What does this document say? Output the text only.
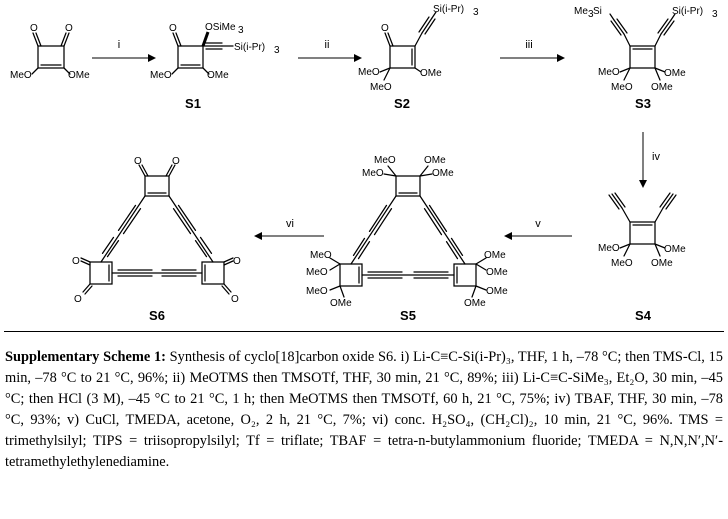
O	O
MeO	OMe
i
O	OSiMe 3
Si(i-Pr) 3
MeO	OMe
S1
ii
O
Si(i-Pr) 3
MeO
MeO
OMe
S2
iii
Me 3 Si	Si(i-Pr) 3
MeO
MeO
OMe
OMe
S3
iv
MeO
MeO
OMe
OMe
S4
v
MeO
MeO
OMe
OMe
MeO
MeO
MeO
OMe
OMe
OMe
OMe
OMe
S5
vi
O	O
O
O
O
O
S6

Supplementary Scheme 1: Synthesis of cyclo[18]carbon oxide S6. i) Li-C≡C-Si(i-Pr)₃, THF, 1 h, –78 °C; then TMS-Cl, 15 min, –78 °C to 21 °C, 96%; ii) MeOTMS then TMSOTf, THF, 30 min, 21 °C, 89%; iii) Li-C≡C-SiMe₃, Et₂O, 30 min, –45 °C; then HCl (3 M), –45 °C to 21 °C, 1 h; then MeOTMS then TMSOTf, 60 h, 21 °C, 75%; iv) TBAF, THF, 30 min, –78 °C, 93%; v) CuCl, TMEDA, acetone, O₂, 2 h, 21 °C, 7%; vi) conc. H₂SO₄, (CH₂Cl)₂, 10 min, 21 °C, 96%. TMS = trimethylsilyl; TIPS = triisopropylsilyl; Tf = triflate; TBAF = tetra-n-butylammonium fluoride; TMEDA = N,N,N′,N′-tetramethylethylenediamine.
